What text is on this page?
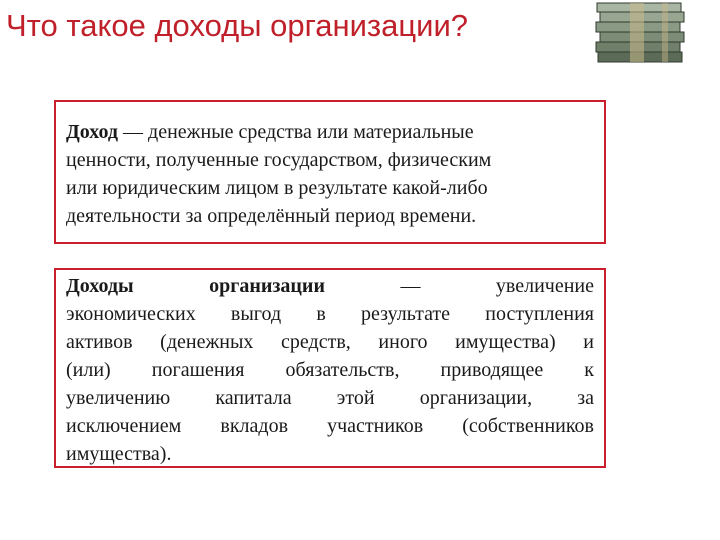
Что такое доходы организации?
Доход — денежные средства или материальные
ценности, полученные государством, физическим
или юридическим лицом в результате какой-либо
деятельности за определённый период времени.
Доходы организации — увеличение
экономических выгод в результате поступления
активов (денежных средств, иного имущества) и
(или) погашения обязательств, приводящее к
увеличению капитала этой организации, за
исключением вкладов участников (собственников
имущества).
